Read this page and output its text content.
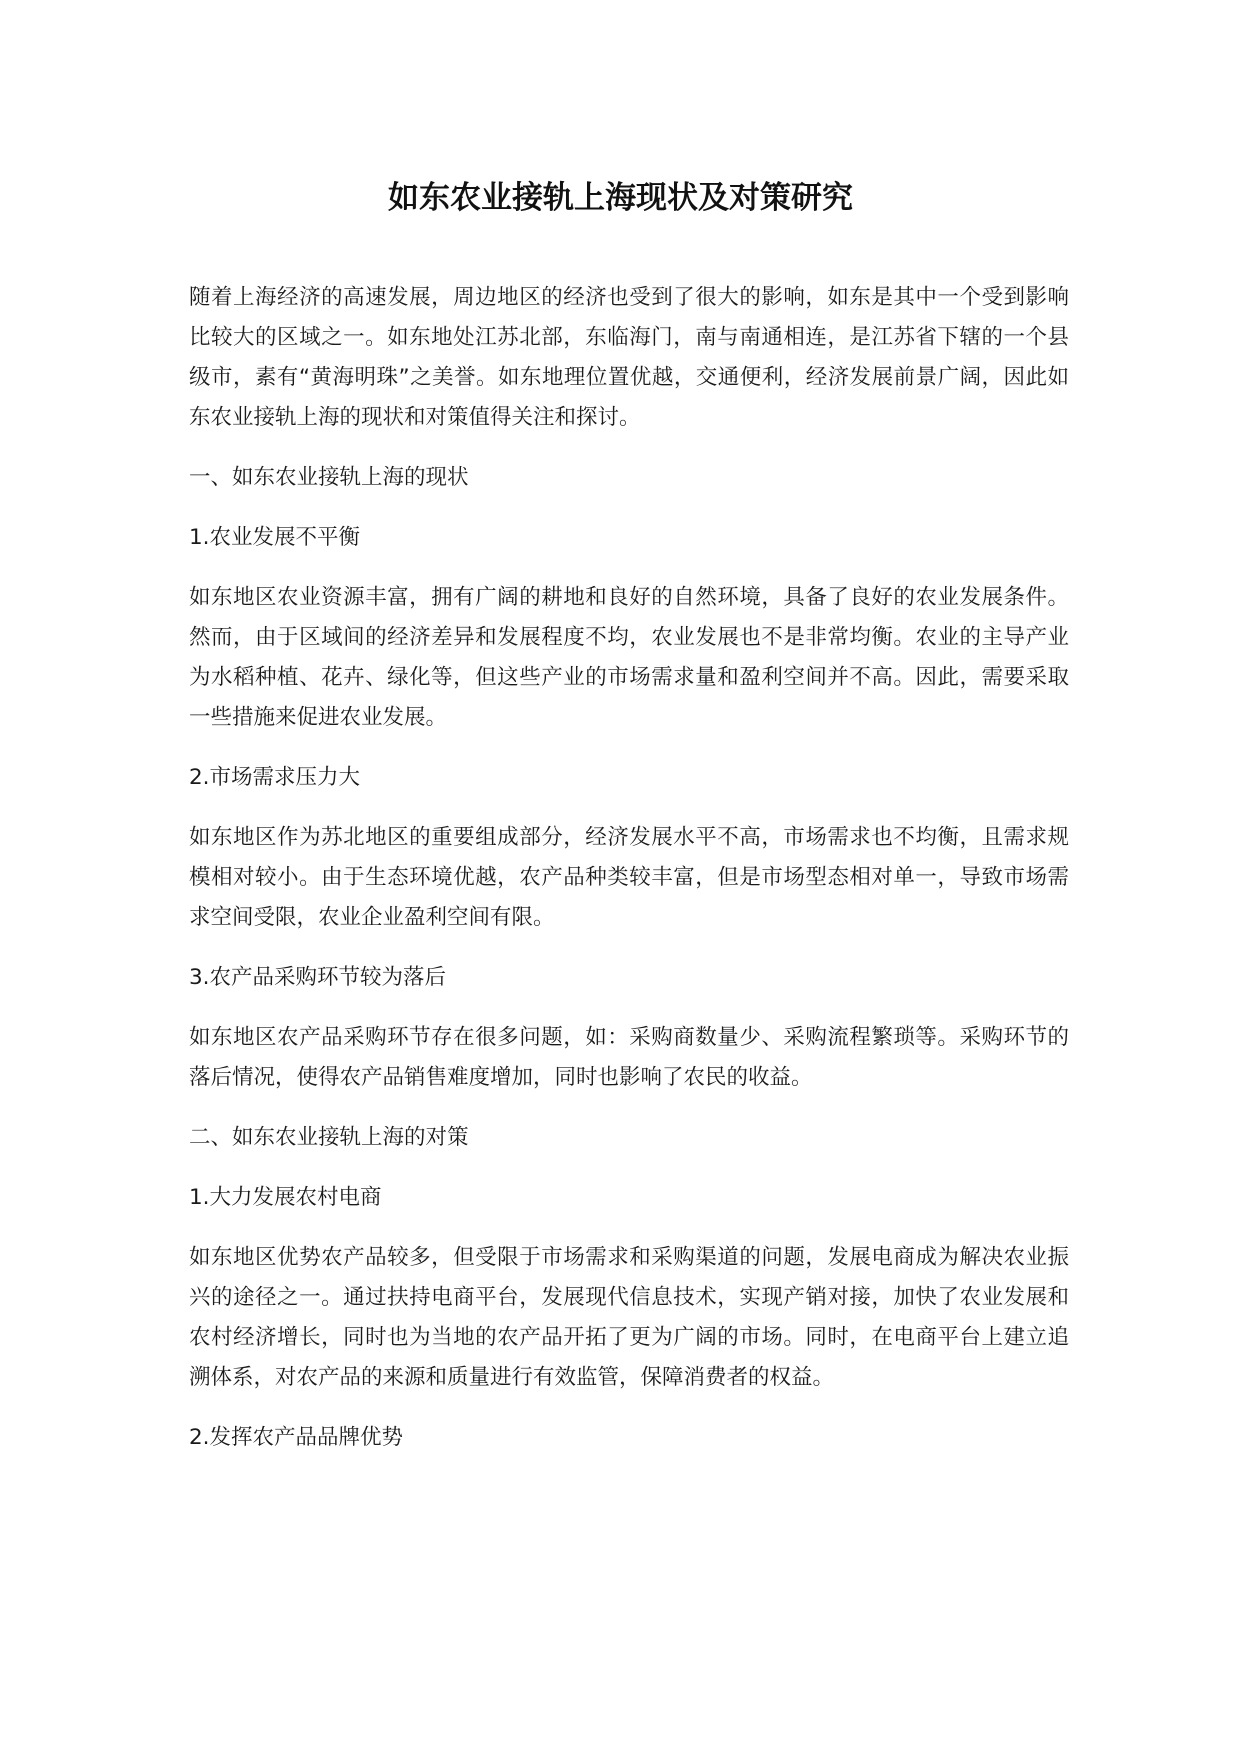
如东农业接轨上海现状及对策研究

随着上海经济的高速发展，周边地区的经济也受到了很大的影响，如东是其中一个受到影响比较大的区域之一。如东地处江苏北部，东临海门，南与南通相连，是江苏省下辖的一个县级市，素有“黄海明珠”之美誉。如东地理位置优越，交通便利，经济发展前景广阔，因此如东农业接轨上海的现状和对策值得关注和探讨。

一、如东农业接轨上海的现状

1.农业发展不平衡

如东地区农业资源丰富，拥有广阔的耕地和良好的自然环境，具备了良好的农业发展条件。然而，由于区域间的经济差异和发展程度不均，农业发展也不是非常均衡。农业的主导产业为水稻种植、花卉、绿化等，但这些产业的市场需求量和盈利空间并不高。因此，需要采取一些措施来促进农业发展。

2.市场需求压力大

如东地区作为苏北地区的重要组成部分，经济发展水平不高，市场需求也不均衡，且需求规模相对较小。由于生态环境优越，农产品种类较丰富，但是市场型态相对单一，导致市场需求空间受限，农业企业盈利空间有限。

3.农产品采购环节较为落后

如东地区农产品采购环节存在很多问题，如：采购商数量少、采购流程繁琐等。采购环节的落后情况，使得农产品销售难度增加，同时也影响了农民的收益。

二、如东农业接轨上海的对策

1.大力发展农村电商

如东地区优势农产品较多，但受限于市场需求和采购渠道的问题，发展电商成为解决农业振兴的途径之一。通过扶持电商平台，发展现代信息技术，实现产销对接，加快了农业发展和农村经济增长，同时也为当地的农产品开拓了更为广阔的市场。同时，在电商平台上建立追溯体系，对农产品的来源和质量进行有效监管，保障消费者的权益。

2.发挥农产品品牌优势
